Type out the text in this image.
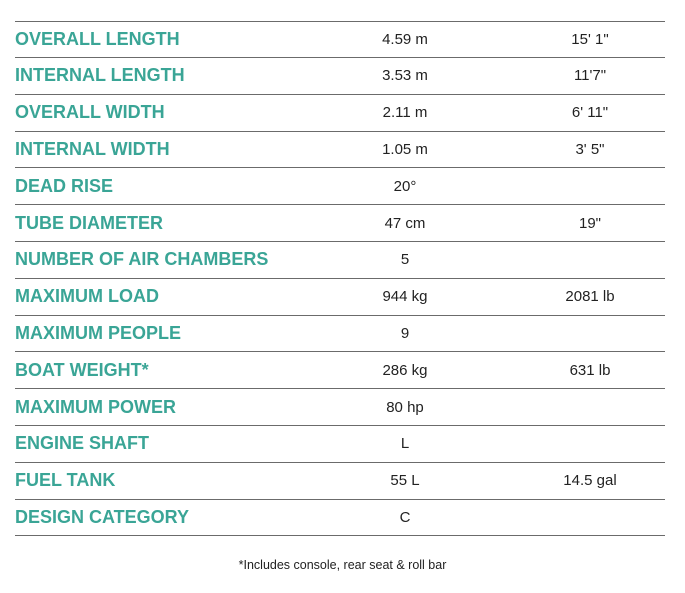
OVERALL LENGTH	4.59 m	15' 1"
INTERNAL LENGTH	3.53 m	11'7"
OVERALL WIDTH	2.11 m	6' 11"
INTERNAL WIDTH	1.05 m	3' 5"
DEAD RISE	20°
TUBE DIAMETER	47 cm	19"
NUMBER OF AIR CHAMBERS	5
MAXIMUM LOAD	944 kg	2081 lb
MAXIMUM PEOPLE	9
BOAT WEIGHT*	286 kg	631 lb
MAXIMUM POWER	80 hp
ENGINE SHAFT	L
FUEL TANK	55 L	14.5 gal
DESIGN CATEGORY	C
*Includes console, rear seat & roll bar
